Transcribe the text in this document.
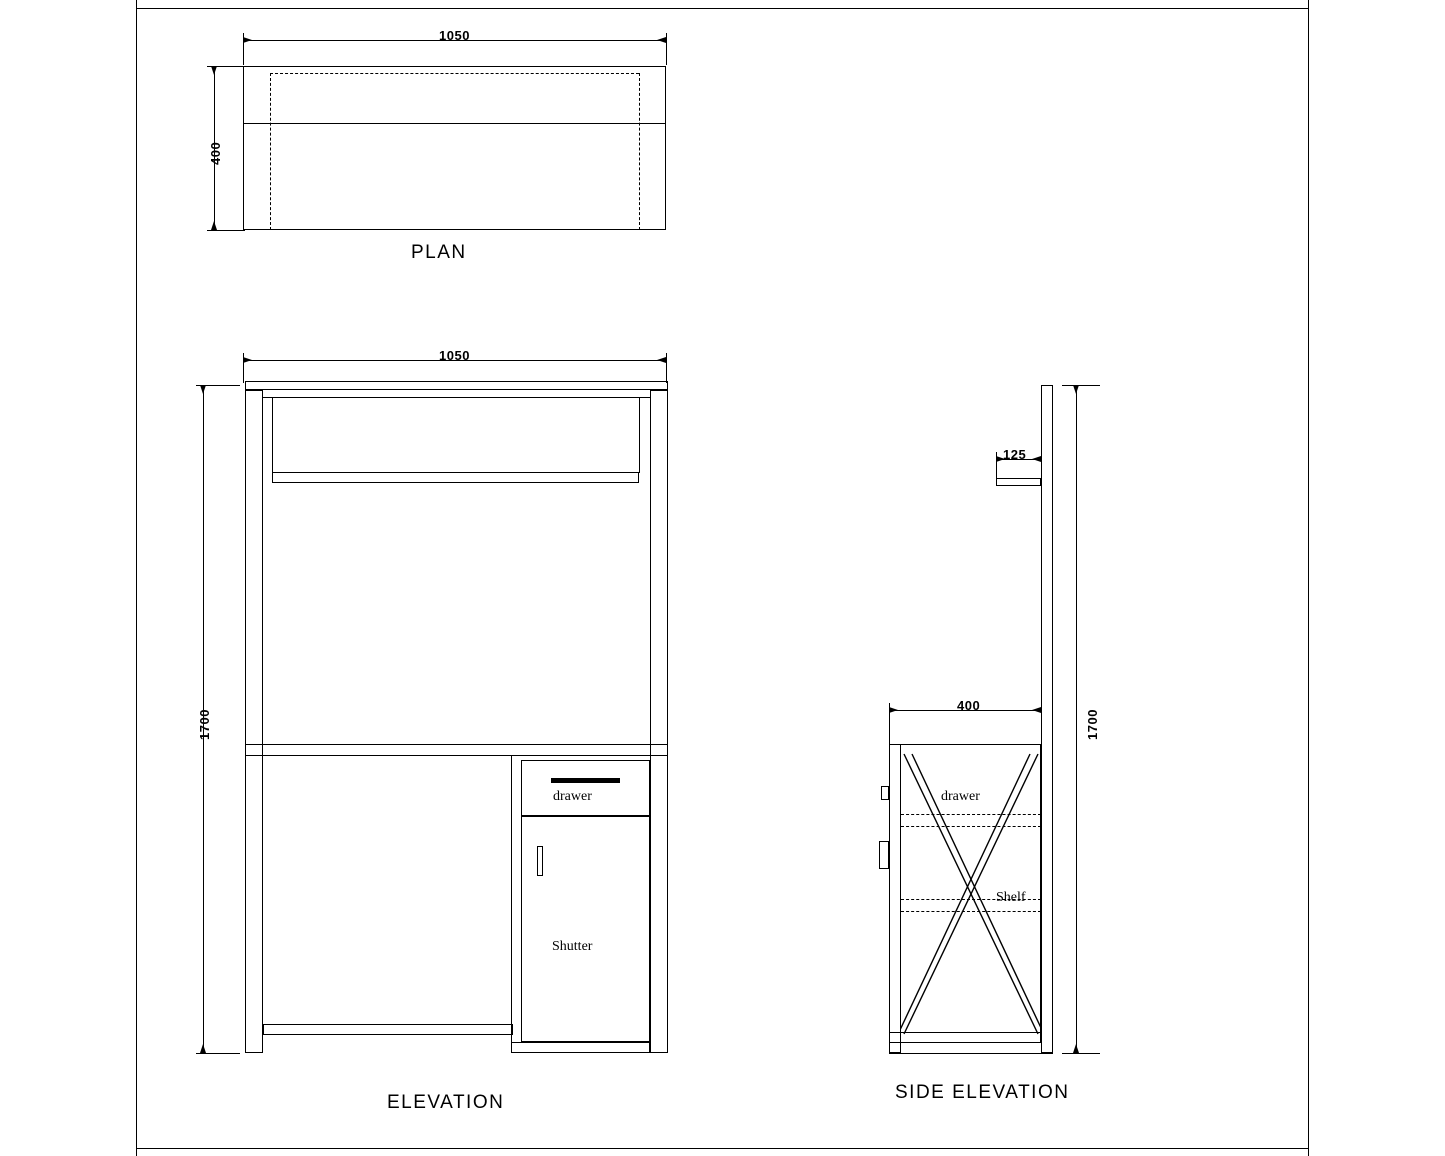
1050
400
PLAN
1050
1700
drawer
Shutter
ELEVATION
125
400
1700
drawer
Shelf
SIDE ELEVATION
